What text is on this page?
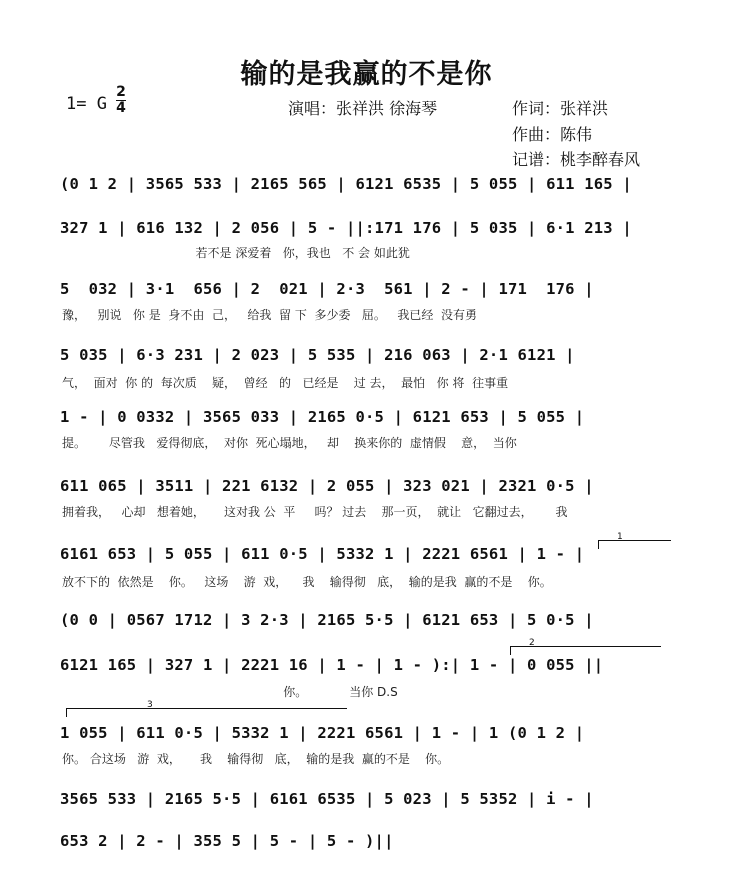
输的是我赢的不是你
1= G
2
4	演唱：张祥洪 徐海琴	作词：张祥洪
作曲：陈伟
记谱：桃李醉春风
(0 1 2 | 3565 533 | 2165 565 | 6121 6535 | 5 055 | 611 165 |
327 1 | 616 132 | 2 056 | 5 - ||:171 176 | 5 035 | 6·1 213 |
若不是 深爱着   你，我也   不 会 如此犹
5  032 | 3·1  656 | 2  021 | 2·3  561 | 2 - | 171  176 |
豫，   别说   你 是  身不由  己，   给我  留 下  多少委   屈。   我已经  没有勇
5 035 | 6·3 231 | 2 023 | 5 535 | 216 063 | 2·1 6121 |
气，  面对  你 的  每次质    疑，  曾经   的   已经是    过 去，  最怕   你 将  往事重
1 - | 0 0332 | 3565 033 | 2165 0·5 | 6121 653 | 5 055 |
提。      尽管我   爱得彻底，  对你  死心塌地，   却    换来你的  虚情假    意，  当你
611 065 | 3511 | 221 6132 | 2 055 | 323 021 | 2321 0·5 |
拥着我，   心却   想着她，     这对我 公  平     吗？ 过去    那一页，  就让   它翻过去，      我
1
6161 653 | 5 055 | 611 0·5 | 5332 1 | 2221 6561 | 1 - |
放不下的  依然是    你。   这场    游  戏，    我    输得彻   底，  输的是我  赢的不是    你。
(0 0 | 0567 1712 | 3 2·3 | 2165 5·5 | 6121 653 | 5 0·5 |
2
6121 165 | 327 1 | 2221 16 | 1 - | 1 - ):| 1 - | 0 055 ||
你。           当你 D.S
3
1 055 | 611 0·5 | 5332 1 | 2221 6561 | 1 - | 1 (0 1 2 |
你。 合这场   游  戏，     我    输得彻   底，  输的是我  赢的不是    你。
3565 533 | 2165 5·5 | 6161 6535 | 5 023 | 5 5352 | i - |
653 2 | 2 - | 355 5 | 5 - | 5 - )||
